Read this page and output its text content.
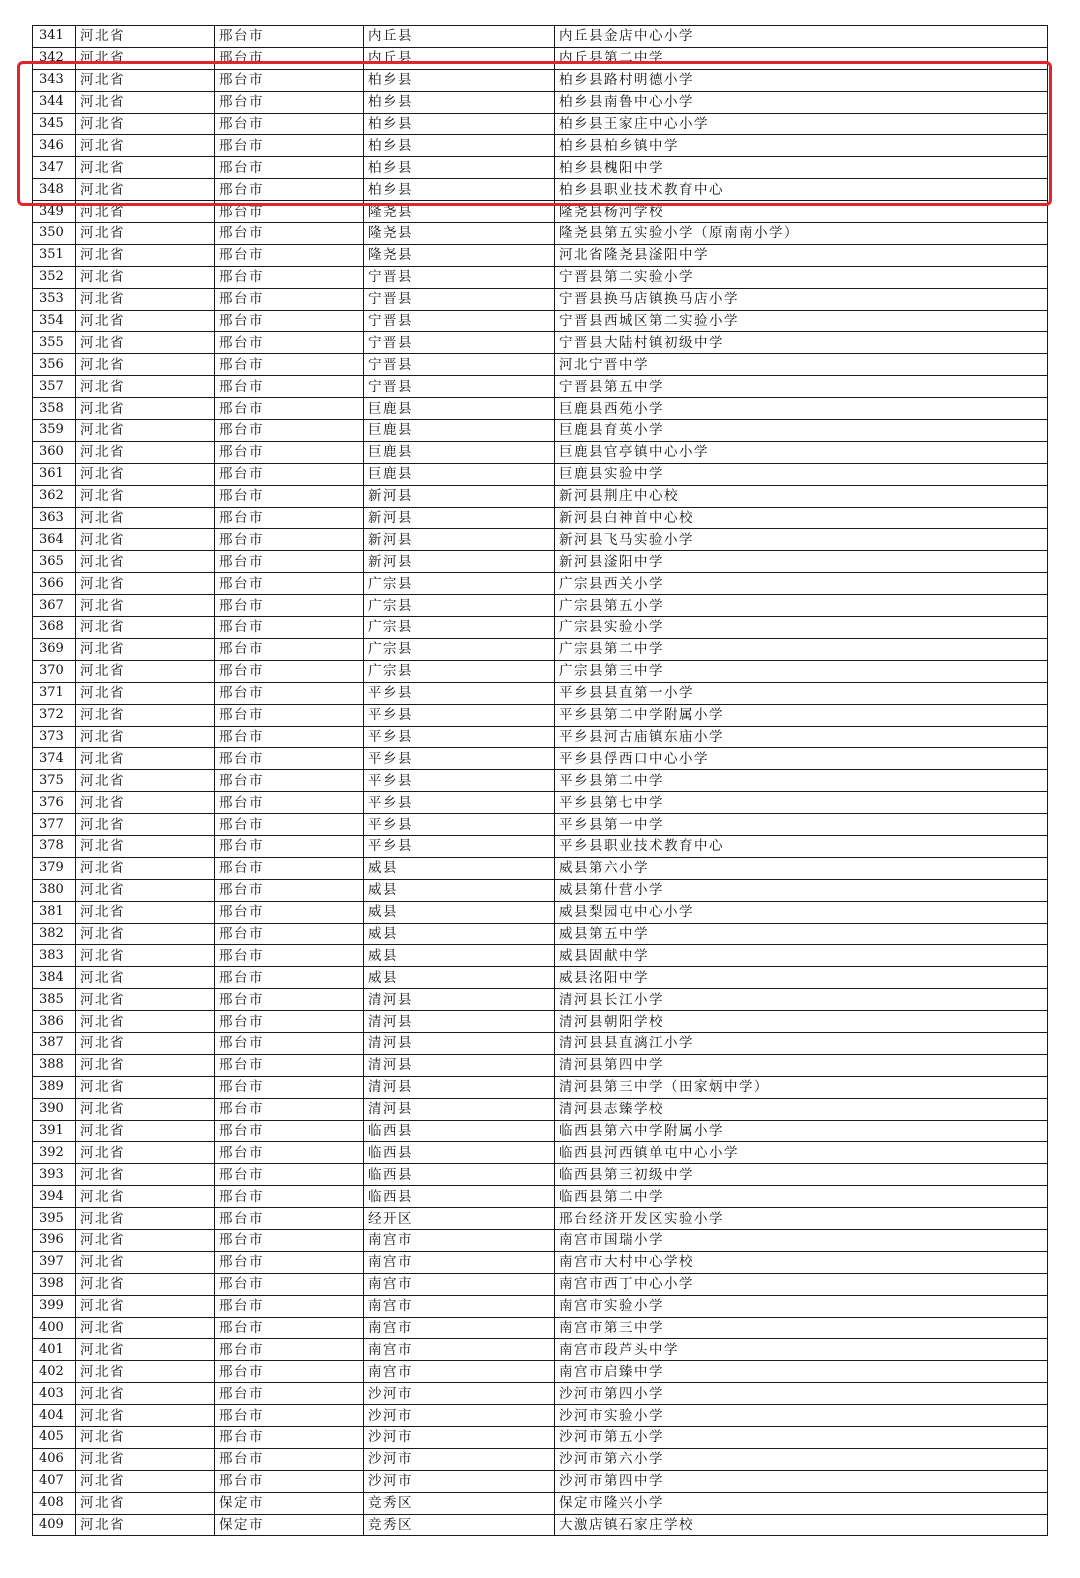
341	河北省	邢台市	内丘县	内丘县金店中心小学
342	河北省	邢台市	内丘县	内丘县第二中学
343	河北省	邢台市	柏乡县	柏乡县路村明德小学
344	河北省	邢台市	柏乡县	柏乡县南鲁中心小学
345	河北省	邢台市	柏乡县	柏乡县王家庄中心小学
346	河北省	邢台市	柏乡县	柏乡县柏乡镇中学
347	河北省	邢台市	柏乡县	柏乡县槐阳中学
348	河北省	邢台市	柏乡县	柏乡县职业技术教育中心
349	河北省	邢台市	隆尧县	隆尧县杨河学校
350	河北省	邢台市	隆尧县	隆尧县第五实验小学（原南南小学）
351	河北省	邢台市	隆尧县	河北省隆尧县滏阳中学
352	河北省	邢台市	宁晋县	宁晋县第二实验小学
353	河北省	邢台市	宁晋县	宁晋县换马店镇换马店小学
354	河北省	邢台市	宁晋县	宁晋县西城区第二实验小学
355	河北省	邢台市	宁晋县	宁晋县大陆村镇初级中学
356	河北省	邢台市	宁晋县	河北宁晋中学
357	河北省	邢台市	宁晋县	宁晋县第五中学
358	河北省	邢台市	巨鹿县	巨鹿县西苑小学
359	河北省	邢台市	巨鹿县	巨鹿县育英小学
360	河北省	邢台市	巨鹿县	巨鹿县官亭镇中心小学
361	河北省	邢台市	巨鹿县	巨鹿县实验中学
362	河北省	邢台市	新河县	新河县荆庄中心校
363	河北省	邢台市	新河县	新河县白神首中心校
364	河北省	邢台市	新河县	新河县飞马实验小学
365	河北省	邢台市	新河县	新河县滏阳中学
366	河北省	邢台市	广宗县	广宗县西关小学
367	河北省	邢台市	广宗县	广宗县第五小学
368	河北省	邢台市	广宗县	广宗县实验小学
369	河北省	邢台市	广宗县	广宗县第二中学
370	河北省	邢台市	广宗县	广宗县第三中学
371	河北省	邢台市	平乡县	平乡县县直第一小学
372	河北省	邢台市	平乡县	平乡县第二中学附属小学
373	河北省	邢台市	平乡县	平乡县河古庙镇东庙小学
374	河北省	邢台市	平乡县	平乡县俘西口中心小学
375	河北省	邢台市	平乡县	平乡县第二中学
376	河北省	邢台市	平乡县	平乡县第七中学
377	河北省	邢台市	平乡县	平乡县第一中学
378	河北省	邢台市	平乡县	平乡县职业技术教育中心
379	河北省	邢台市	威县	威县第六小学
380	河北省	邢台市	威县	威县第什营小学
381	河北省	邢台市	威县	威县梨园屯中心小学
382	河北省	邢台市	威县	威县第五中学
383	河北省	邢台市	威县	威县固献中学
384	河北省	邢台市	威县	威县洺阳中学
385	河北省	邢台市	清河县	清河县长江小学
386	河北省	邢台市	清河县	清河县朝阳学校
387	河北省	邢台市	清河县	清河县县直漓江小学
388	河北省	邢台市	清河县	清河县第四中学
389	河北省	邢台市	清河县	清河县第三中学（田家炳中学）
390	河北省	邢台市	清河县	清河县志臻学校
391	河北省	邢台市	临西县	临西县第六中学附属小学
392	河北省	邢台市	临西县	临西县河西镇单屯中心小学
393	河北省	邢台市	临西县	临西县第三初级中学
394	河北省	邢台市	临西县	临西县第二中学
395	河北省	邢台市	经开区	邢台经济开发区实验小学
396	河北省	邢台市	南宫市	南宫市国瑞小学
397	河北省	邢台市	南宫市	南宫市大村中心学校
398	河北省	邢台市	南宫市	南宫市西丁中心小学
399	河北省	邢台市	南宫市	南宫市实验小学
400	河北省	邢台市	南宫市	南宫市第三中学
401	河北省	邢台市	南宫市	南宫市段芦头中学
402	河北省	邢台市	南宫市	南宫市启臻中学
403	河北省	邢台市	沙河市	沙河市第四小学
404	河北省	邢台市	沙河市	沙河市实验小学
405	河北省	邢台市	沙河市	沙河市第五小学
406	河北省	邢台市	沙河市	沙河市第六小学
407	河北省	邢台市	沙河市	沙河市第四中学
408	河北省	保定市	竞秀区	保定市隆兴小学
409	河北省	保定市	竞秀区	大激店镇石家庄学校
